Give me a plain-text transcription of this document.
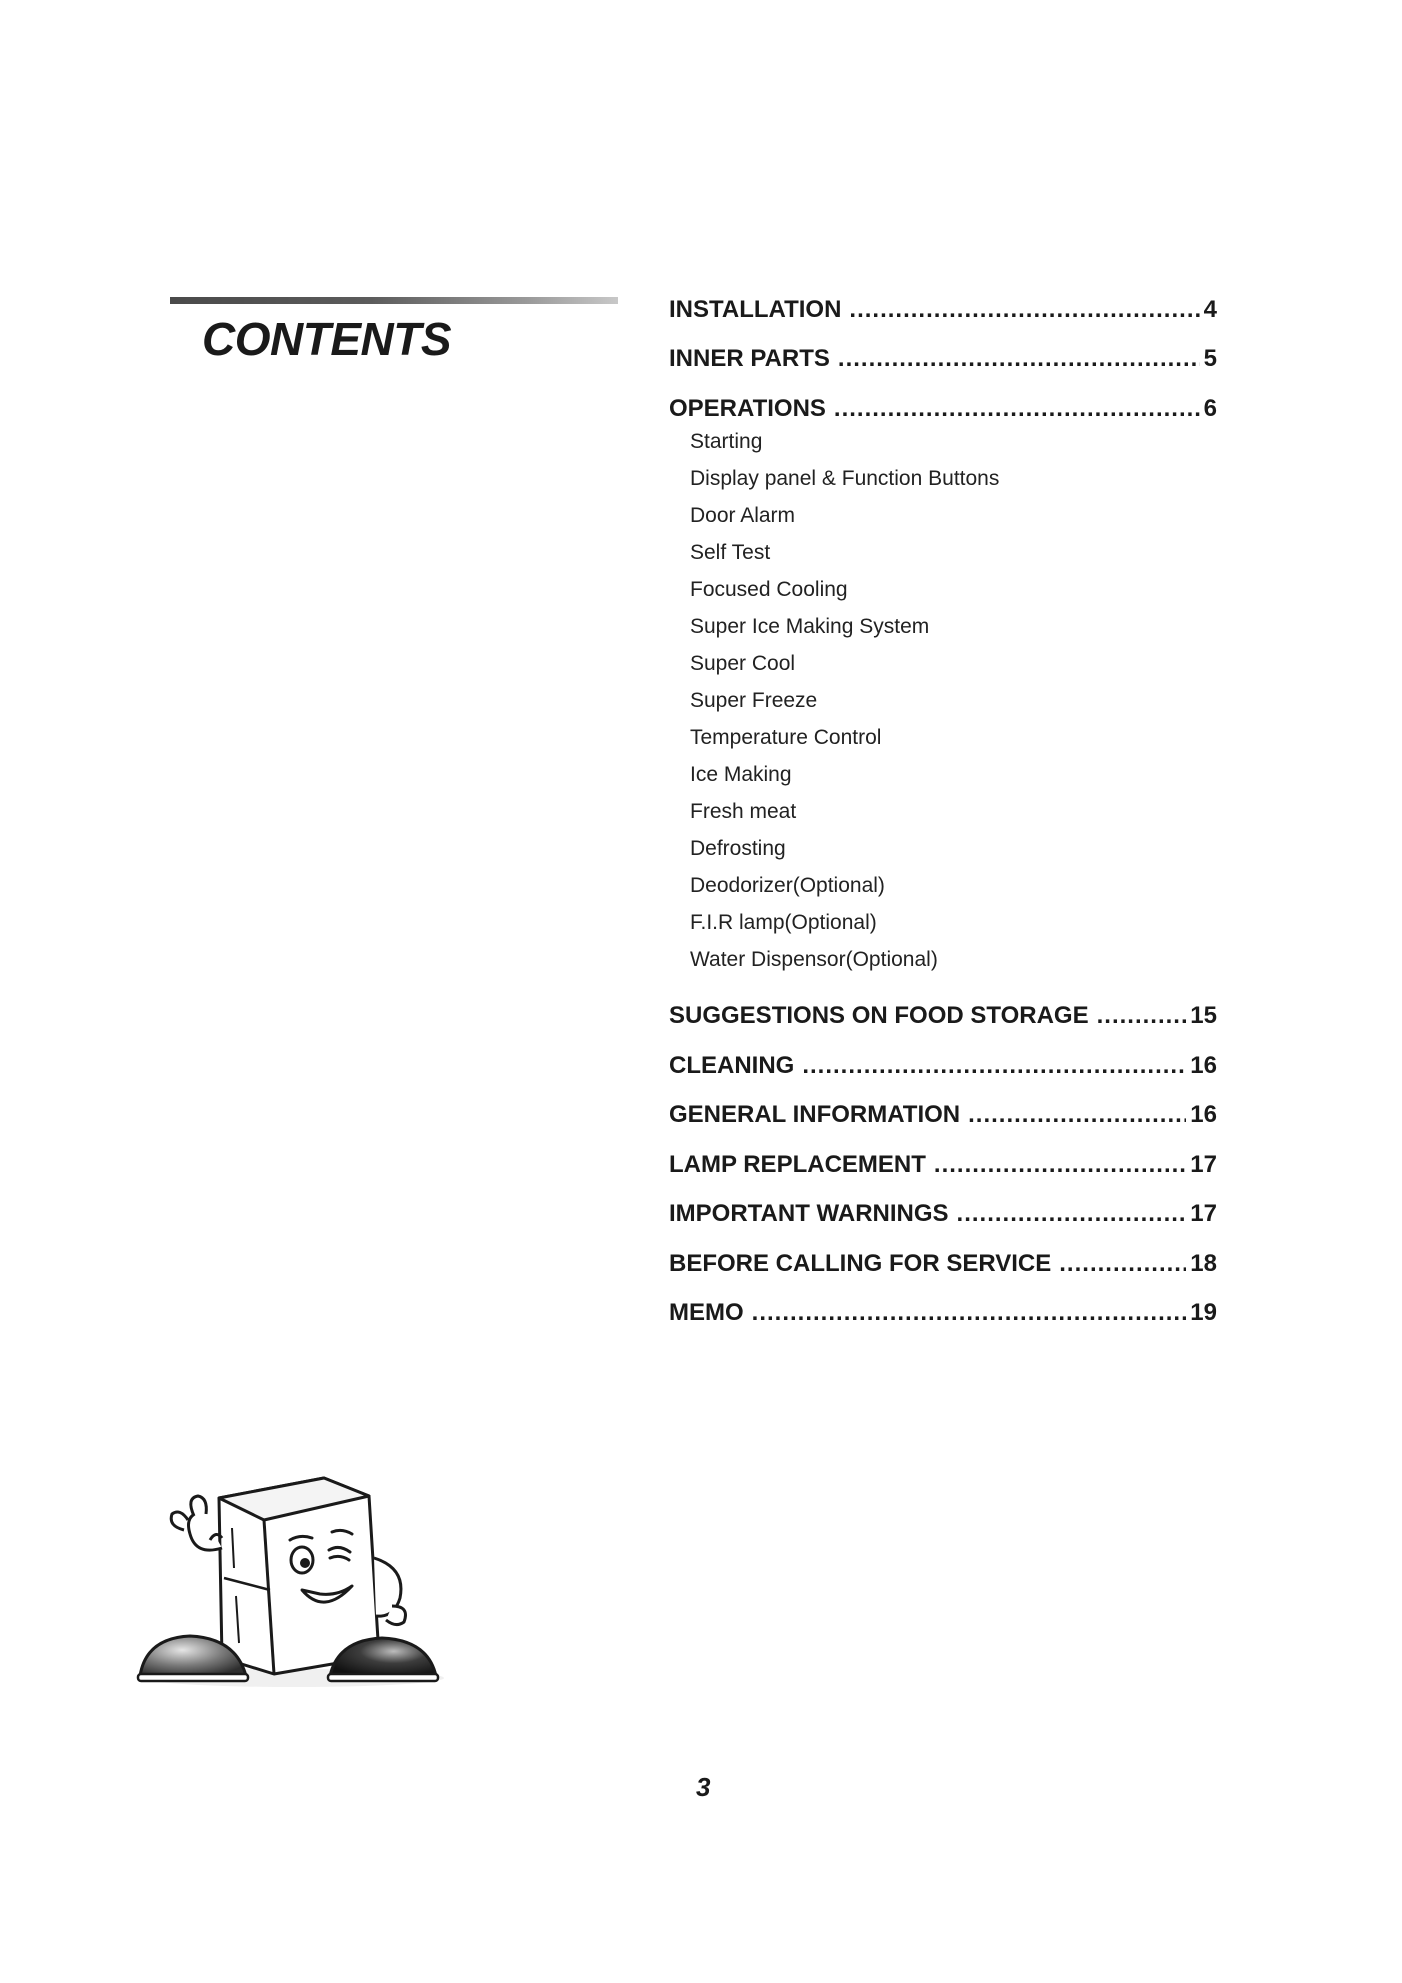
CONTENTS
INSTALLATION .....	4
INNER PARTS .....	5
OPERATIONS .....	6
Starting
Display panel & Function Buttons
Door Alarm
Self Test
Focused Cooling
Super Ice Making System
Super Cool
Super Freeze
Temperature Control
Ice Making
Fresh meat
Defrosting
Deodorizer(Optional)
F.I.R lamp(Optional)
Water Dispensor(Optional)
SUGGESTIONS ON FOOD STORAGE .....	15
CLEANING .....	16
GENERAL INFORMATION .....	16
LAMP REPLACEMENT .....	17
IMPORTANT WARNINGS .....	17
BEFORE CALLING FOR SERVICE .....	18
MEMO .....	19
3
